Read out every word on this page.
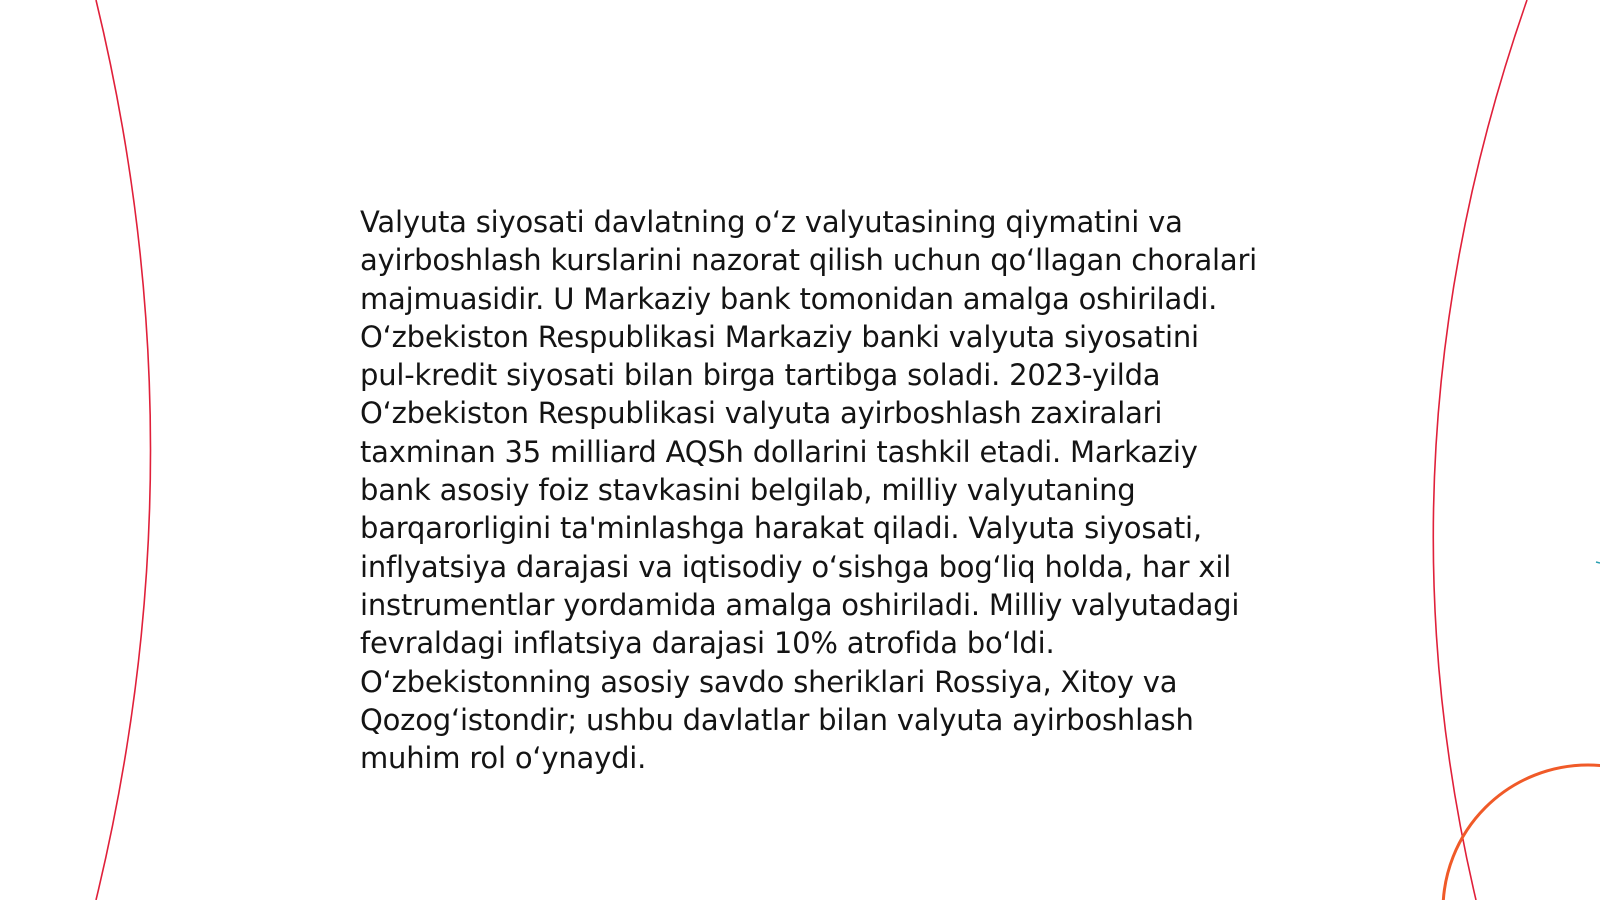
Valyuta siyosati davlatning o‘z valyutasining qiymatini va ayirboshlash kurslarini nazorat qilish uchun qo‘llagan choralari majmuasidir. U Markaziy bank tomonidan amalga oshiriladi. O‘zbekiston Respublikasi Markaziy banki valyuta siyosatini pul-kredit siyosati bilan birga tartibga soladi. 2023-yilda O‘zbekiston Respublikasi valyuta ayirboshlash zaxiralari taxminan 35 milliard AQSh dollarini tashkil etadi. Markaziy bank asosiy foiz stavkasini belgilab, milliy valyutaning barqarorligini ta'minlashga harakat qiladi. Valyuta siyosati, inflyatsiya darajasi va iqtisodiy o‘sishga bog‘liq holda, har xil instrumentlar yordamida amalga oshiriladi. Milliy valyutadagi fevraldagi inflatsiya darajasi 10% atrofida bo‘ldi. O‘zbekistonning asosiy savdo sheriklari Rossiya, Xitoy va Qozog‘istondir; ushbu davlatlar bilan valyuta ayirboshlash muhim rol o‘ynaydi.
